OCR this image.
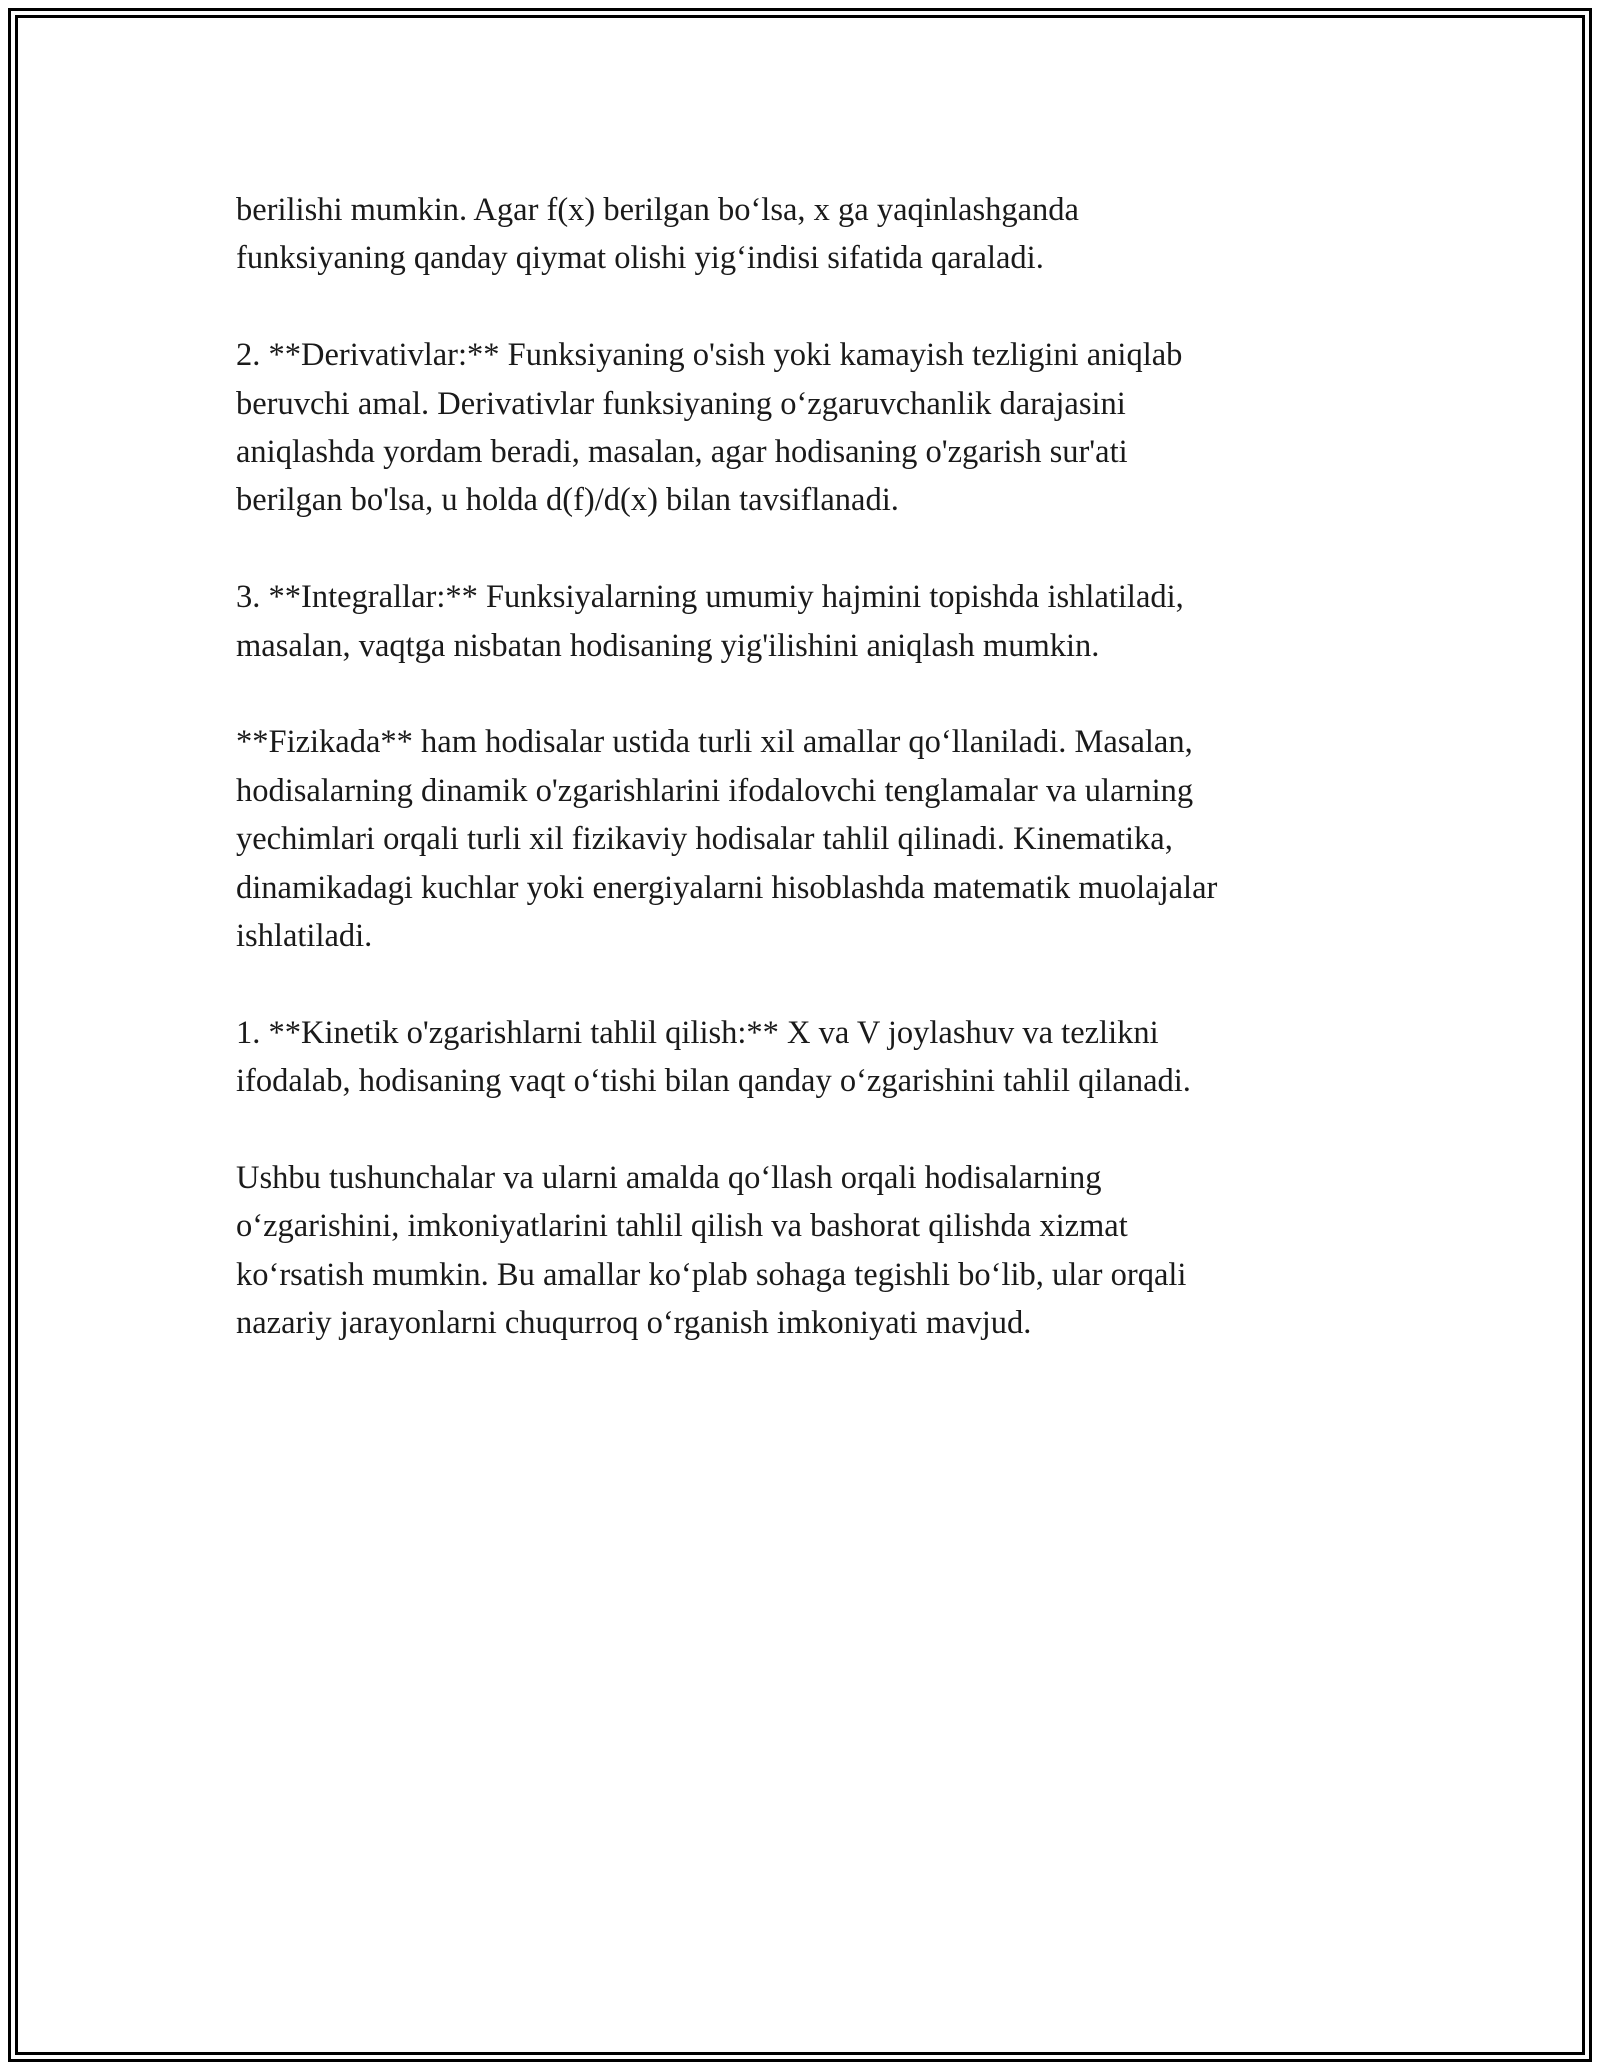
berilishi mumkin. Agar f(x) berilgan bo‘lsa, x ga yaqinlashganda
funksiyaning qanday qiymat olishi yig‘indisi sifatida qaraladi.

2. **Derivativlar:** Funksiyaning o'sish yoki kamayish tezligini aniqlab
beruvchi amal. Derivativlar funksiyaning o‘zgaruvchanlik darajasini
aniqlashda yordam beradi, masalan, agar hodisaning o'zgarish sur'ati
berilgan bo'lsa, u holda d(f)/d(x) bilan tavsiflanadi.

3. **Integrallar:** Funksiyalarning umumiy hajmini topishda ishlatiladi,
masalan, vaqtga nisbatan hodisaning yig'ilishini aniqlash mumkin.

**Fizikada** ham hodisalar ustida turli xil amallar qo‘llaniladi. Masalan,
hodisalarning dinamik o'zgarishlarini ifodalovchi tenglamalar va ularning
yechimlari orqali turli xil fizikaviy hodisalar tahlil qilinadi. Kinematika,
dinamikadagi kuchlar yoki energiyalarni hisoblashda matematik muolajalar
ishlatiladi.

1. **Kinetik o'zgarishlarni tahlil qilish:** X va V joylashuv va tezlikni
ifodalab, hodisaning vaqt o‘tishi bilan qanday o‘zgarishini tahlil qilanadi.

Ushbu tushunchalar va ularni amalda qo‘llash orqali hodisalarning
o‘zgarishini, imkoniyatlarini tahlil qilish va bashorat qilishda xizmat
ko‘rsatish mumkin. Bu amallar ko‘plab sohaga tegishli bo‘lib, ular orqali
nazariy jarayonlarni chuqurroq o‘rganish imkoniyati mavjud.
